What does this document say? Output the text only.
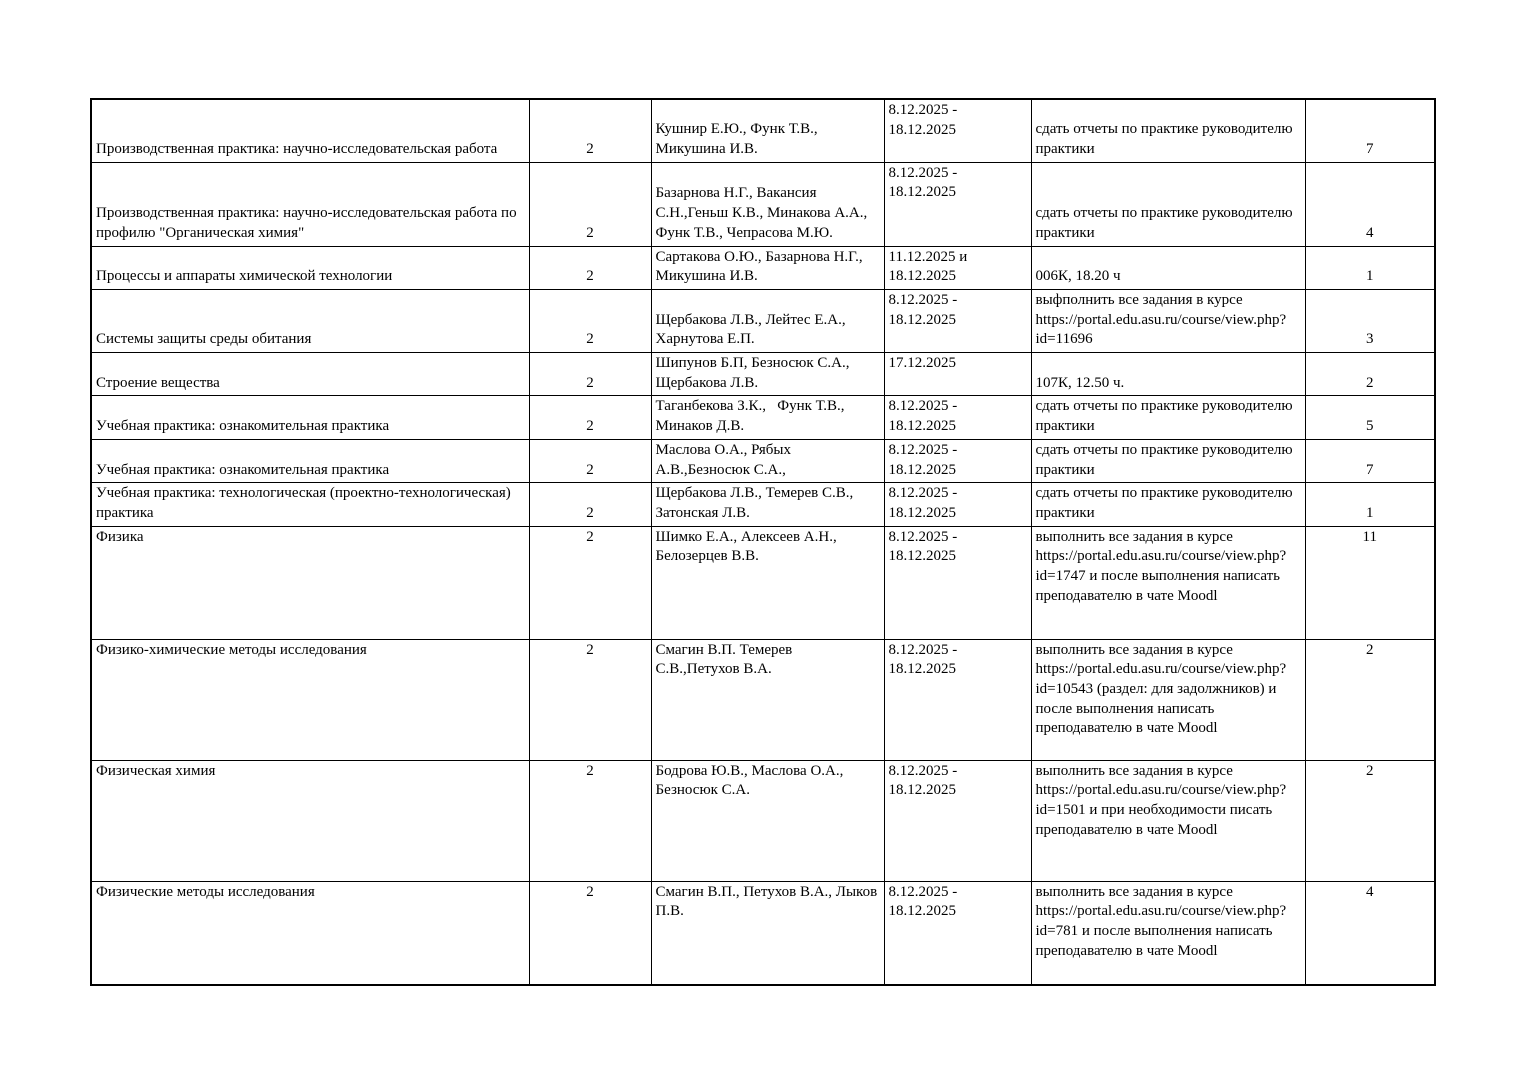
Производственная практика: научно-исследовательская работа	2	Кушнир Е.Ю., Функ Т.В., Микушина И.В.	8.12.2025 - 18.12.2025	сдать отчеты по практике руководителю практики	7

Производственная практика: научно-исследовательская работа по профилю "Органическая химия"	2	Базарнова Н.Г., Вакансия С.Н.,Геньш К.В., Минакова А.А., Функ Т.В., Чепрасова М.Ю.	8.12.2025 - 18.12.2025	сдать отчеты по практике руководителю практики	4

Процессы и аппараты химической технологии	2	Сартакова О.Ю., Базарнова Н.Г., Микушина И.В.	11.12.2025 и 18.12.2025	006К, 18.20 ч	1

Системы защиты среды обитания	2	Щербакова Л.В., Лейтес Е.А., Харнутова Е.П.	8.12.2025 - 18.12.2025	выфполнить все задания в курсе https://portal.edu.asu.ru/course/view.php?id=11696	3

Строение вещества	2	Шипунов Б.П, Безносюк С.А., Щербакова Л.В.	17.12.2025	107К, 12.50 ч.	2

Учебная практика: ознакомительная практика	2	Таганбекова З.К.,   Функ Т.В., Минаков Д.В.	8.12.2025 - 18.12.2025	сдать отчеты по практике руководителю практики	5

Учебная практика: ознакомительная практика	2	Маслова О.А., Рябых А.В.,Безносюк С.А.,	8.12.2025 - 18.12.2025	сдать отчеты по практике руководителю практики	7

Учебная практика: технологическая (проектно-технологическая) практика	2	Щербакова Л.В., Темерев С.В., Затонская Л.В.	8.12.2025 - 18.12.2025	сдать отчеты по практике руководителю практики	1

Физика	2	Шимко Е.А., Алексеев А.Н., Белозерцев В.В.	8.12.2025 - 18.12.2025	выполнить все задания в курсе https://portal.edu.asu.ru/course/view.php?id=1747 и после выполнения написать преподавателю в чате Moodl	11

Физико-химические методы исследования	2	Смагин В.П. Темерев С.В.,Петухов В.А.	8.12.2025 - 18.12.2025	выполнить все задания в курсе https://portal.edu.asu.ru/course/view.php?id=10543 (раздел: для задолжников) и после выполнения написать преподавателю в чате Moodl	2

Физическая химия	2	Бодрова Ю.В., Маслова О.А., Безносюк С.А.	8.12.2025 - 18.12.2025	выполнить все задания в курсе https://portal.edu.asu.ru/course/view.php?id=1501 и при необходимости писать преподавателю в чате Moodl	2

Физические методы исследования	2	Смагин В.П., Петухов В.А., Лыков П.В.	8.12.2025 - 18.12.2025	выполнить все задания в курсе https://portal.edu.asu.ru/course/view.php?id=781 и после выполнения написать преподавателю в чате Moodl	4
